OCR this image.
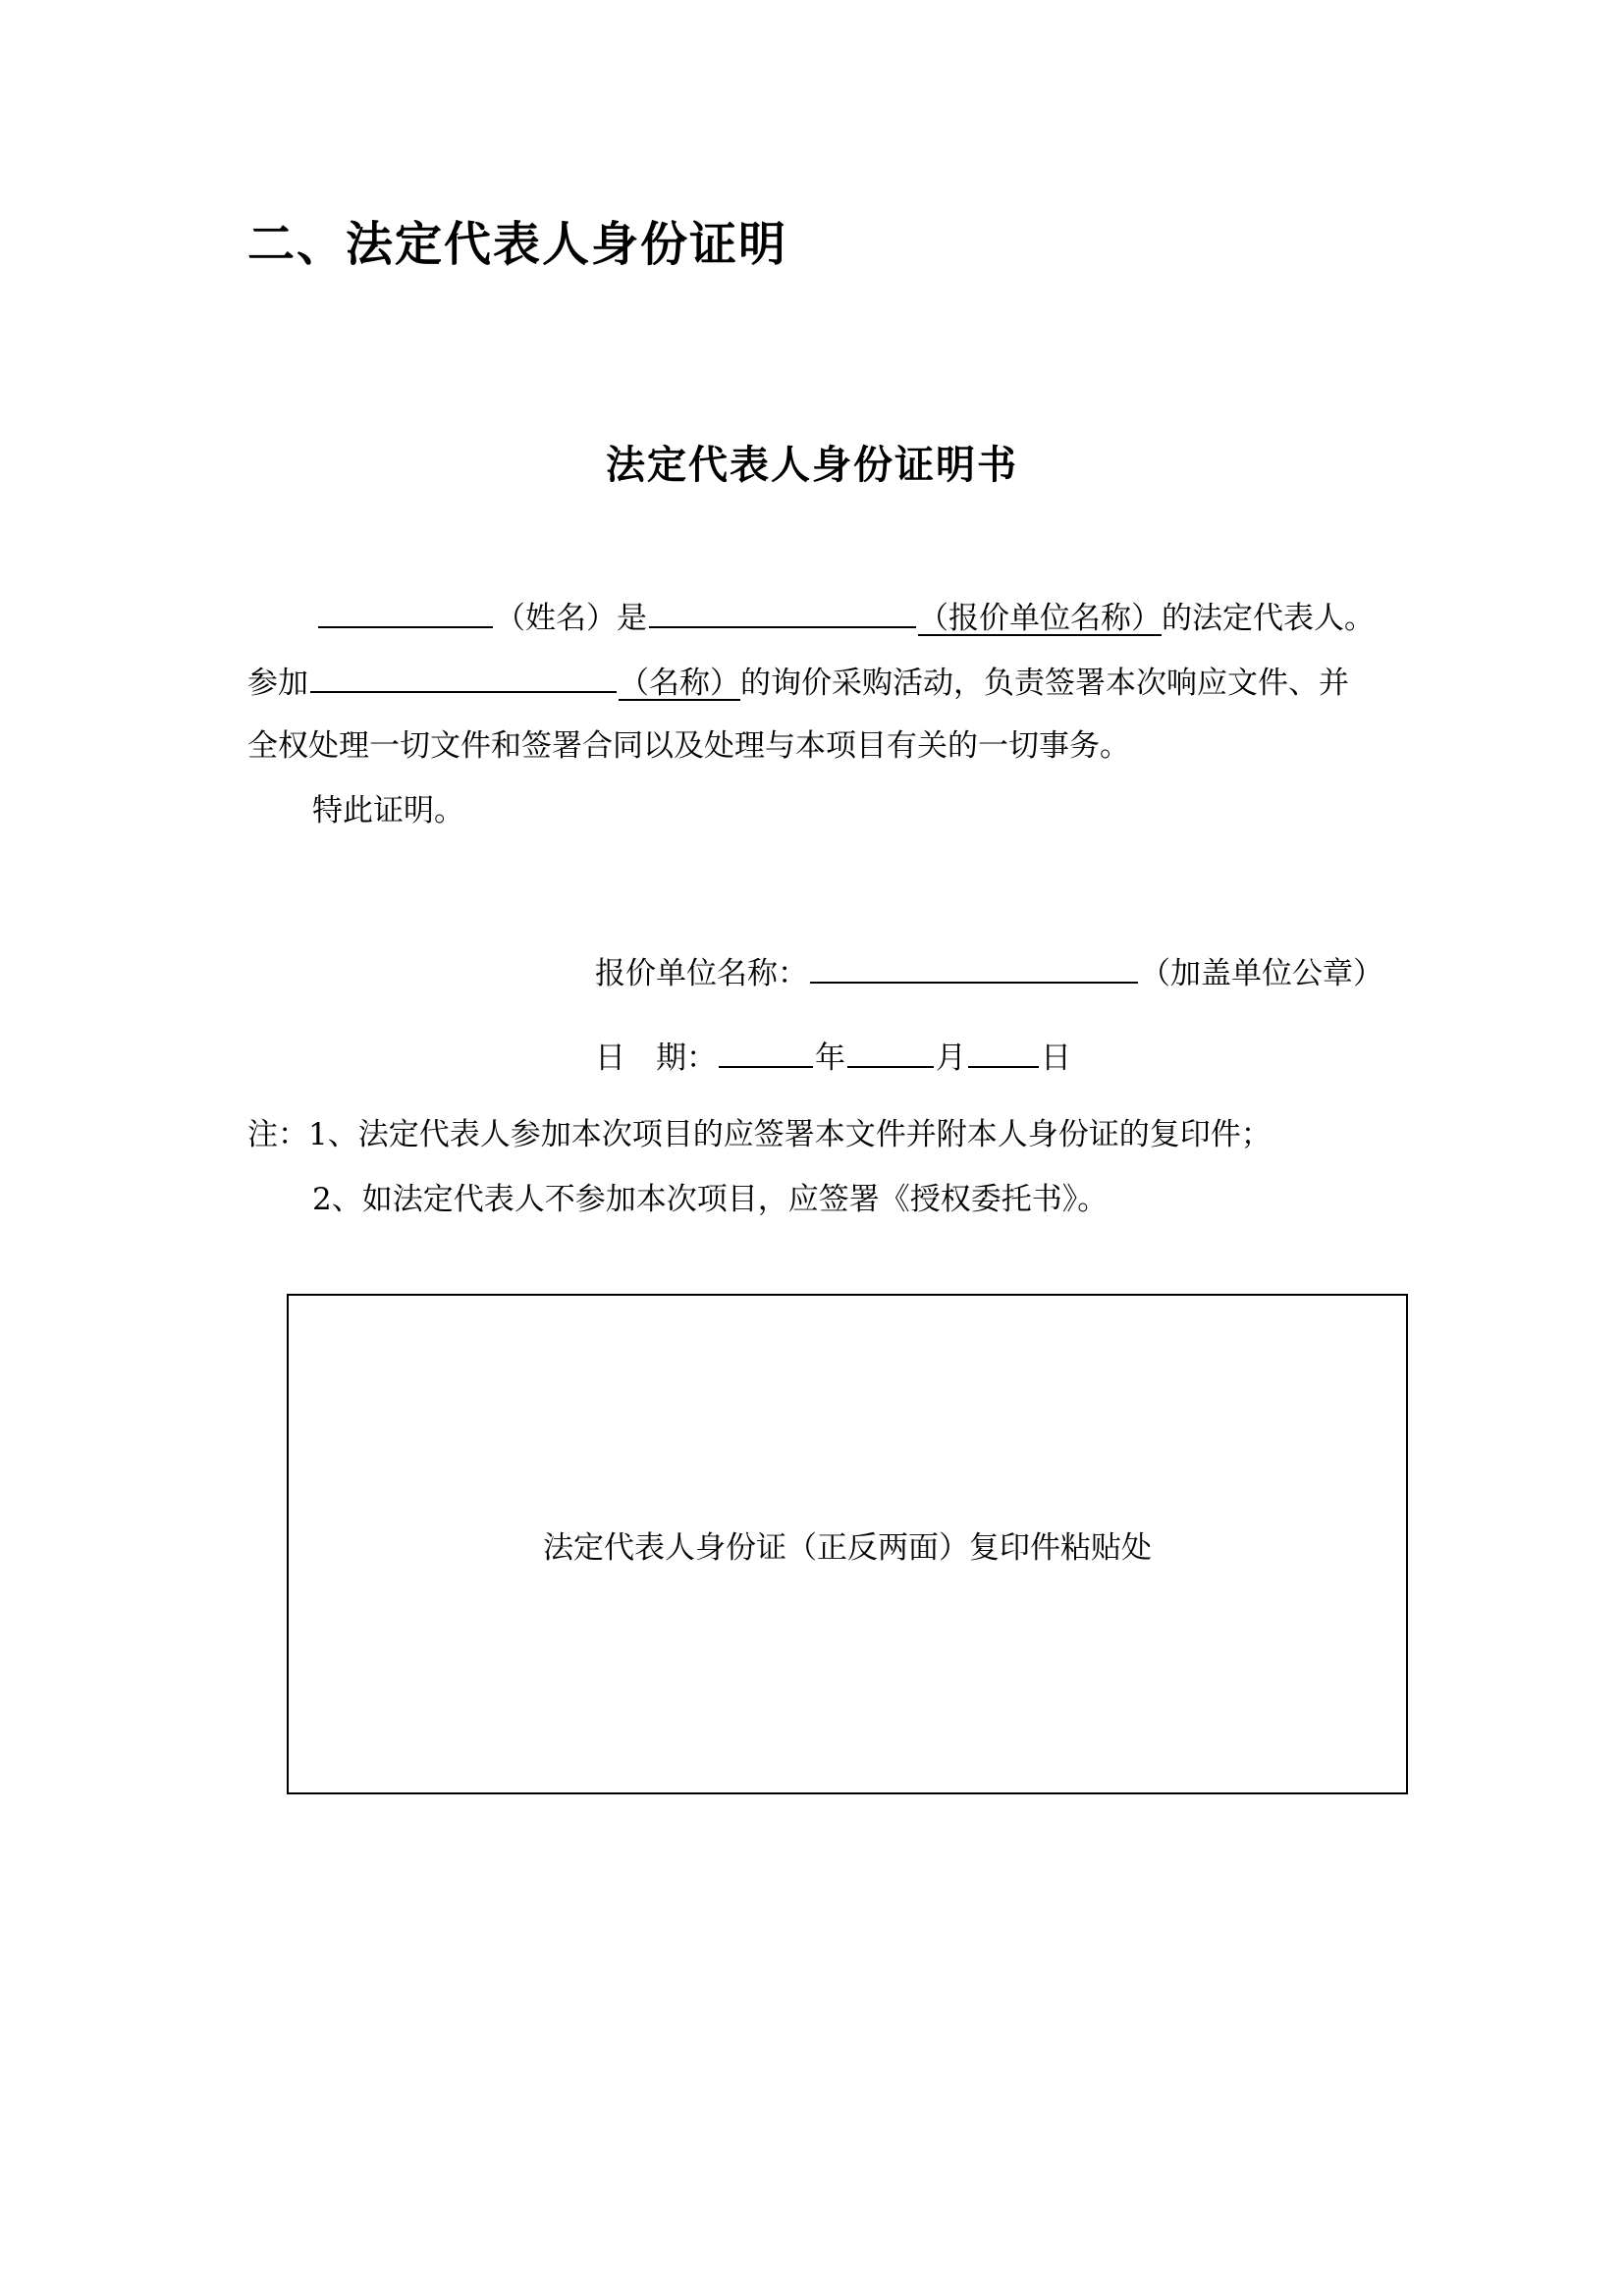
二、法定代表人身份证明
法定代表人身份证明书
（姓名）是	（报价单位名称）的法定代表人。
参加	（名称）的询价采购活动，负责签署本次响应文件、并
全权处理一切文件和签署合同以及处理与本项目有关的一切事务。
特此证明。
报价单位名称：	（加盖单位公章）
日　期：	年	月 日
注：1、法定代表人参加本次项目的应签署本文件并附本人身份证的复印件；
2、如法定代表人不参加本次项目，应签署《授权委托书》。
法定代表人身份证（正反两面）复印件粘贴处
